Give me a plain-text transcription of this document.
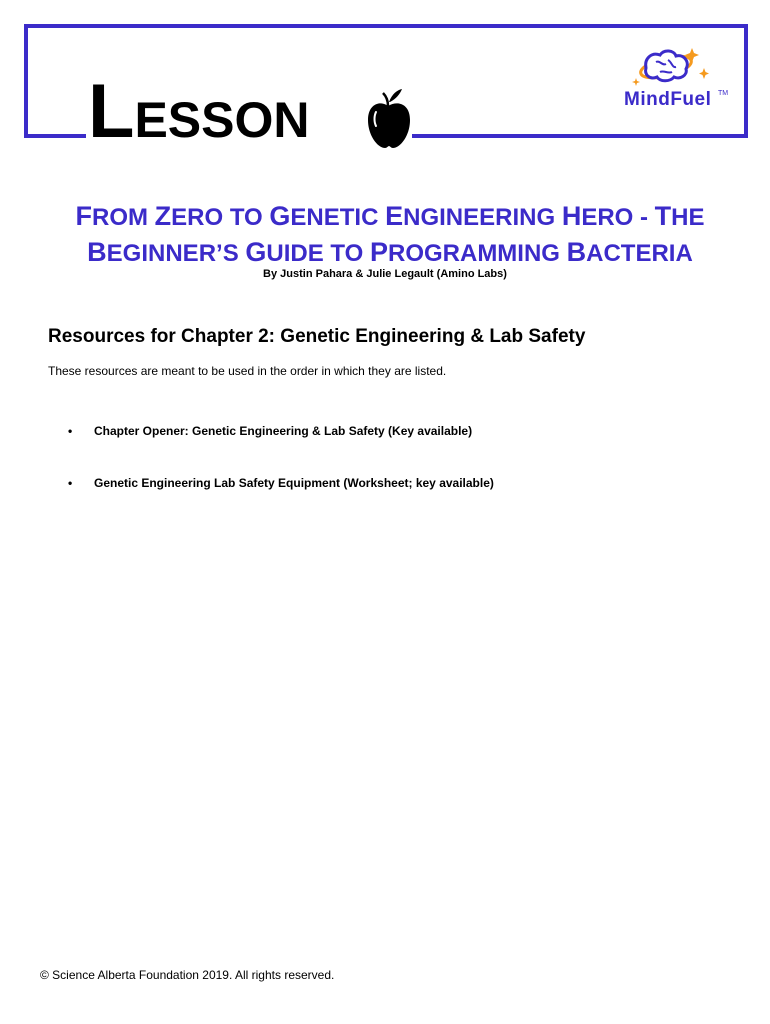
LESSON	MindFuel TM
FROM ZERO TO GENETIC ENGINEERING HERO - THE
BEGINNER’S GUIDE TO PROGRAMMING BACTERIA
By Justin Pahara & Julie Legault (Amino Labs)
Resources for Chapter 2: Genetic Engineering & Lab Safety
These resources are meant to be used in the order in which they are listed.
• Chapter Opener: Genetic Engineering & Lab Safety (Key available)
• Genetic Engineering Lab Safety Equipment (Worksheet; key available)
© Science Alberta Foundation 2019. All rights reserved.
